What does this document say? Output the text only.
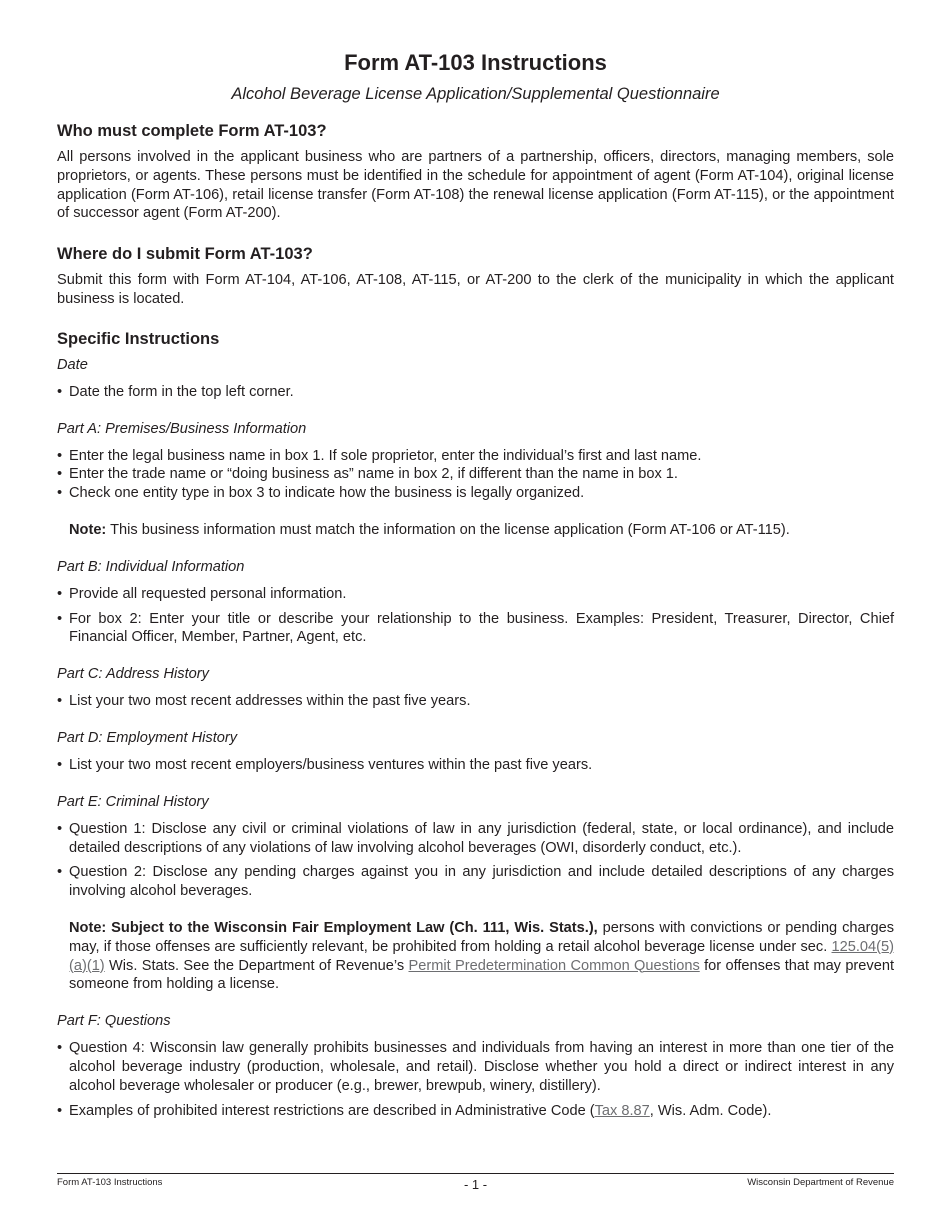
Form AT-103 Instructions
Alcohol Beverage License Application/Supplemental Questionnaire
Who must complete Form AT-103?

All persons involved in the applicant business who are partners of a partnership, officers, directors, managing members, sole proprietors, or agents. These persons must be identified in the schedule for appointment of agent (Form AT-104), original license application (Form AT-106), retail license transfer (Form AT-108) the renewal license application (Form AT-115), or the appointment of successor agent (Form AT-200).

Where do I submit Form AT-103?

Submit this form with Form AT-104, AT-106, AT-108, AT-115, or AT-200 to the clerk of the municipality in which the applicant business is located.

Specific Instructions
Date
• Date the form in the top left corner.
Part A: Premises/Business Information
• Enter the legal business name in box 1. If sole proprietor, enter the individual’s first and last name.
• Enter the trade name or “doing business as” name in box 2, if different than the name in box 1.
• Check one entity type in box 3 to indicate how the business is legally organized.

Note: This business information must match the information on the license application (Form AT-106 or AT-115).

Part B: Individual Information
• Provide all requested personal information.
• For box 2: Enter your title or describe your relationship to the business. Examples: President, Treasurer, Director, Chief Financial Officer, Member, Partner, Agent, etc.
Part C: Address History
• List your two most recent addresses within the past five years.
Part D: Employment History
• List your two most recent employers/business ventures within the past five years.
Part E: Criminal History
• Question 1: Disclose any civil or criminal violations of law in any jurisdiction (federal, state, or local ordinance), and include detailed descriptions of any violations of law involving alcohol beverages (OWI, disorderly conduct, etc.).
• Question 2: Disclose any pending charges against you in any jurisdiction and include detailed descriptions of any charges involving alcohol beverages.

Note: Subject to the Wisconsin Fair Employment Law (Ch. 111, Wis. Stats.), persons with convictions or pending charges may, if those offenses are sufficiently relevant, be prohibited from holding a retail alcohol beverage license under sec. 125.04(5)(a)(1) Wis. Stats. See the Department of Revenue’s Permit Predetermination Common Questions for offenses that may prevent someone from holding a license.

Part F: Questions
• Question 4: Wisconsin law generally prohibits businesses and individuals from having an interest in more than one tier of the alcohol beverage industry (production, wholesale, and retail). Disclose whether you hold a direct or indirect interest in any alcohol beverage wholesaler or producer (e.g., brewer, brewpub, winery, distillery).
• Examples of prohibited interest restrictions are described in Administrative Code (Tax 8.87, Wis. Adm. Code).
Form AT-103 Instructions	- 1 -	Wisconsin Department of Revenue
